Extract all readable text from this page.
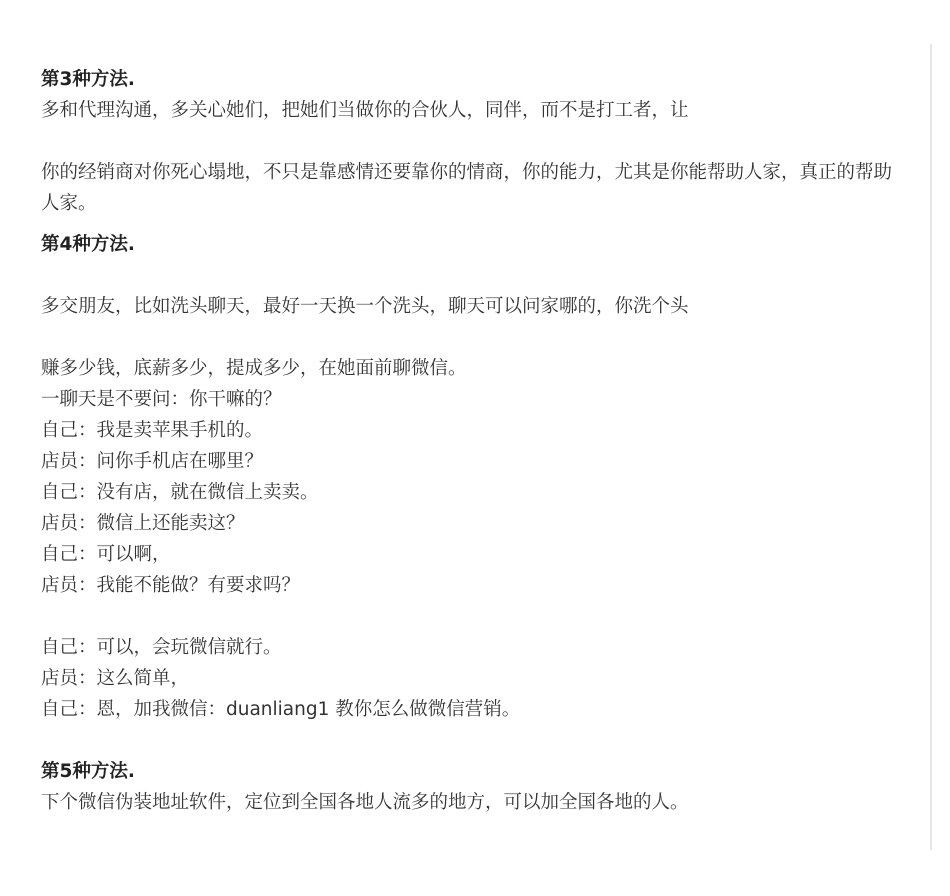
第3种方法.
多和代理沟通，多关心她们，把她们当做你的合伙人，同伴，而不是打工者，让
你的经销商对你死心塌地，不只是靠感情还要靠你的情商，你的能力，尤其是你能帮助人家，真正的帮助人家。
第4种方法.
多交朋友，比如洗头聊天，最好一天换一个洗头，聊天可以问家哪的，你洗个头
赚多少钱，底薪多少，提成多少，在她面前聊微信。
一聊天是不要问：你干嘛的？
自己：我是卖苹果手机的。
店员：问你手机店在哪里？
自己：没有店，就在微信上卖卖。
店员：微信上还能卖这？
自己：可以啊，
店员：我能不能做？有要求吗？
自己：可以，会玩微信就行。
店员：这么简单，
自己：恩，加我微信：duanliang1 教你怎么做微信营销。
第5种方法.
下个微信伪装地址软件，定位到全国各地人流多的地方，可以加全国各地的人。
